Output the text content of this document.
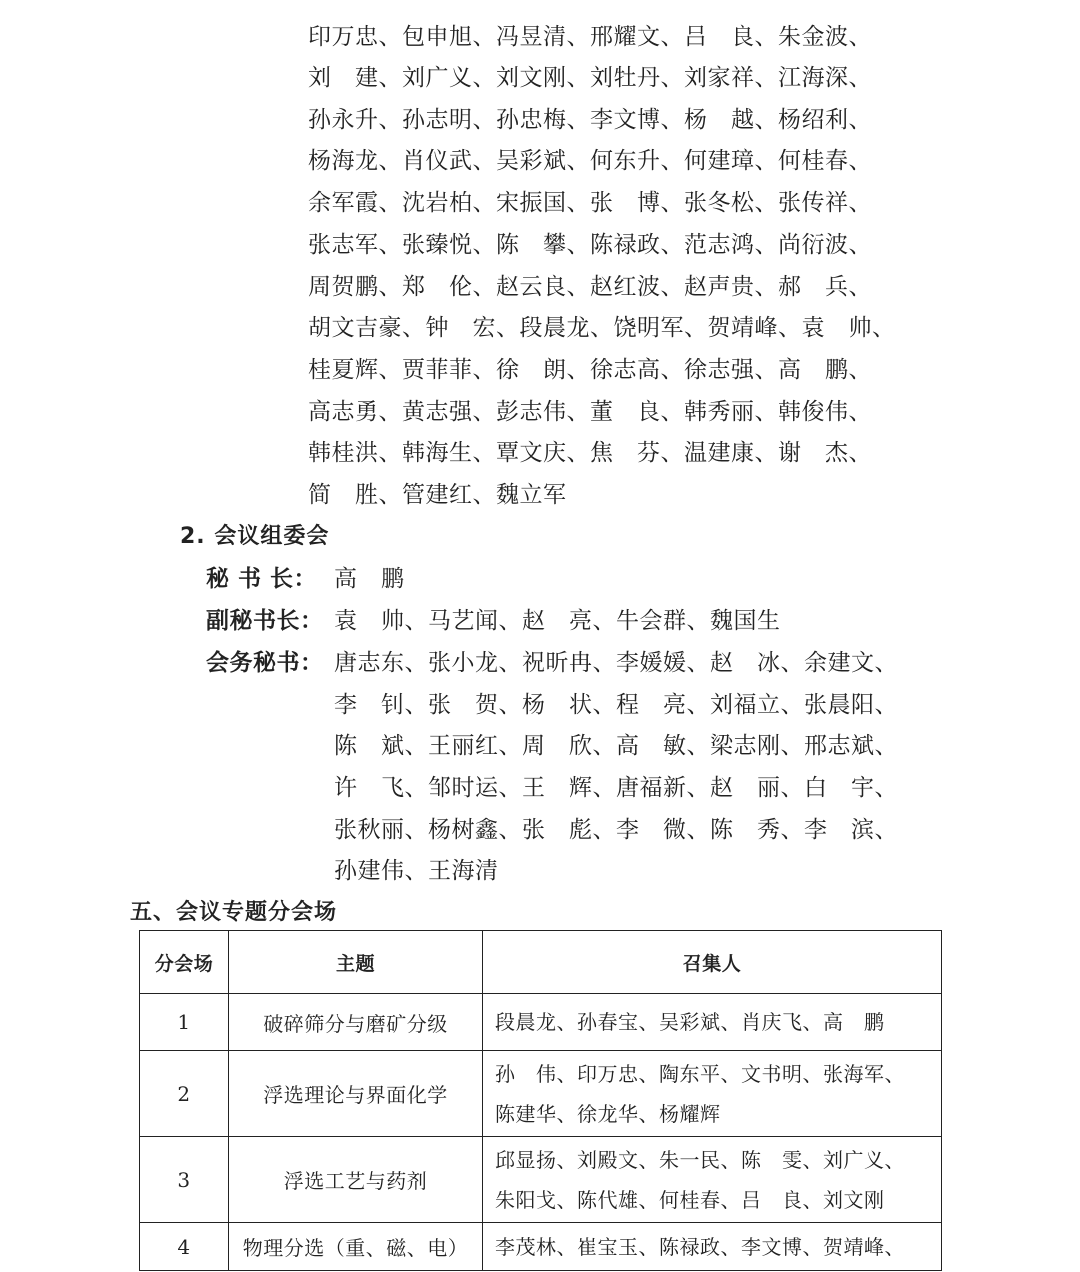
印万忠、包申旭、冯昱清、邢耀文、吕　良、朱金波、
刘　建、刘广义、刘文刚、刘牡丹、刘家祥、江海深、
孙永升、孙志明、孙忠梅、李文博、杨　越、杨绍利、
杨海龙、肖仪武、吴彩斌、何东升、何建璋、何桂春、
余军霞、沈岩柏、宋振国、张　博、张冬松、张传祥、
张志军、张臻悦、陈　攀、陈禄政、范志鸿、尚衍波、
周贺鹏、郑　伦、赵云良、赵红波、赵声贵、郝　兵、
胡文吉豪、钟　宏、段晨龙、饶明军、贺靖峰、袁　帅、
桂夏辉、贾菲菲、徐　朗、徐志高、徐志强、高　鹏、
高志勇、黄志强、彭志伟、董　良、韩秀丽、韩俊伟、
韩桂洪、韩海生、覃文庆、焦　芬、温建康、谢　杰、
简　胜、管建红、魏立军
2. 会议组委会
秘 书 长： 高　鹏
副秘书长： 袁　帅、马艺闻、赵　亮、牛会群、魏国生
会务秘书： 唐志东、张小龙、祝昕冉、李媛媛、赵　冰、余建文、
李　钊、张　贺、杨　状、程　亮、刘福立、张晨阳、
陈　斌、王丽红、周　欣、高　敏、梁志刚、邢志斌、
许　飞、邹时运、王　辉、唐福新、赵　丽、白　宇、
张秋丽、杨树鑫、张　彪、李　微、陈　秀、李　滨、
孙建伟、王海清
五、会议专题分会场
分会场	主题	召集人
1	破碎筛分与磨矿分级	段晨龙、孙春宝、吴彩斌、肖庆飞、高　鹏

2	浮选理论与界面化学	孙　伟、印万忠、陶东平、文书明、张海军、
陈建华、徐龙华、杨耀辉

3	浮选工艺与药剂	邱显扬、刘殿文、朱一民、陈　雯、刘广义、
朱阳戈、陈代雄、何桂春、吕　良、刘文刚

4	物理分选（重、磁、电）	李茂林、崔宝玉、陈禄政、李文博、贺靖峰、
